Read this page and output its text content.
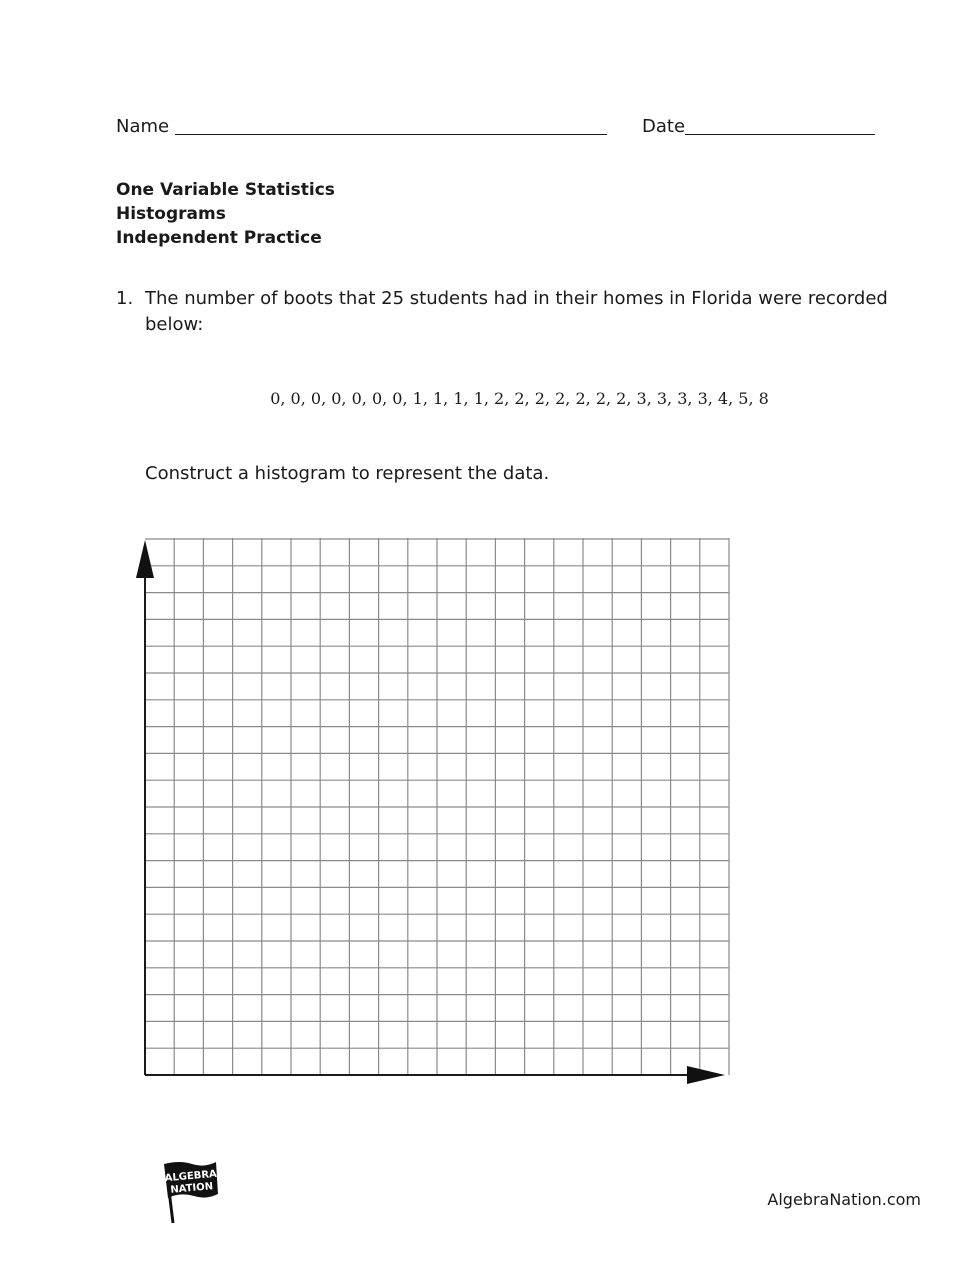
Name	Date
One Variable Statistics
Histograms
Independent Practice
1. The number of boots that 25 students had in their homes in Florida were recorded below:
0, 0, 0, 0, 0, 0, 0, 1, 1, 1, 1, 2, 2, 2, 2, 2, 2, 2, 3, 3, 3, 3, 4, 5, 8
Construct a histogram to represent the data.
ALGEBRA
NATION
AlgebraNation.com
